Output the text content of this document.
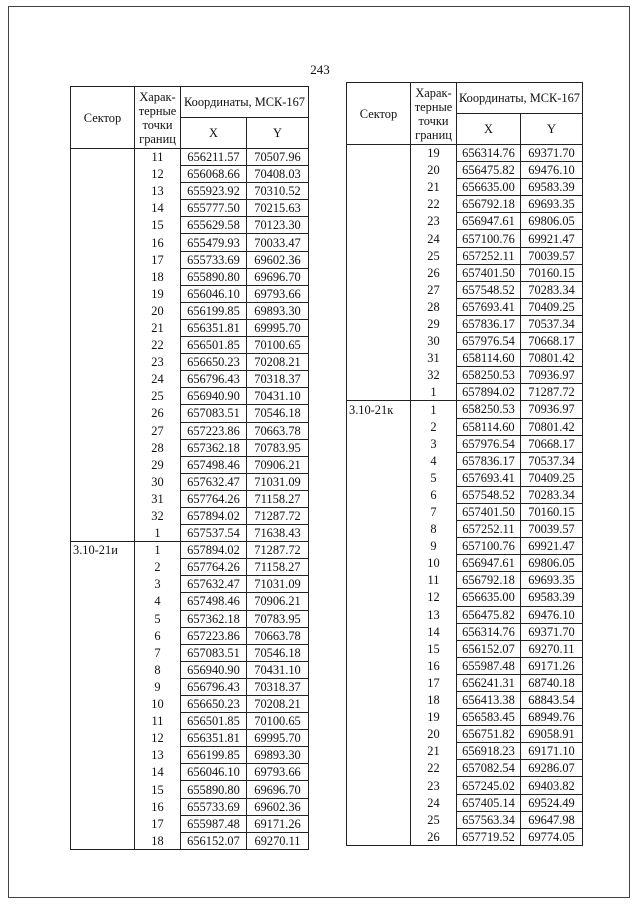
243
Сектор	Харак-терные точки границ	Координаты, МСК-167	
		X	Y
	11	656211.57	70507.96
	12	656068.66	70408.03
	13	655923.92	70310.52
	14	655777.50	70215.63
	15	655629.58	70123.30
	16	655479.93	70033.47
	17	655733.69	69602.36
	18	655890.80	69696.70
	19	656046.10	69793.66
	20	656199.85	69893.30
	21	656351.81	69995.70
	22	656501.85	70100.65
	23	656650.23	70208.21
	24	656796.43	70318.37
	25	656940.90	70431.10
	26	657083.51	70546.18
	27	657223.86	70663.78
	28	657362.18	70783.95
	29	657498.46	70906.21
	30	657632.47	71031.09
	31	657764.26	71158.27
	32	657894.02	71287.72
	1	657537.54	71638.43
3.10-21и	1	657894.02	71287.72
	2	657764.26	71158.27
	3	657632.47	71031.09
	4	657498.46	70906.21
	5	657362.18	70783.95
	6	657223.86	70663.78
	7	657083.51	70546.18
	8	656940.90	70431.10
	9	656796.43	70318.37
	10	656650.23	70208.21
	11	656501.85	70100.65
	12	656351.81	69995.70
	13	656199.85	69893.30
	14	656046.10	69793.66
	15	655890.80	69696.70
	16	655733.69	69602.36
	17	655987.48	69171.26
	18	656152.07	69270.11
Сектор	Харак-терные точки границ	Координаты, МСК-167	
		X	Y
	19	656314.76	69371.70
	20	656475.82	69476.10
	21	656635.00	69583.39
	22	656792.18	69693.35
	23	656947.61	69806.05
	24	657100.76	69921.47
	25	657252.11	70039.57
	26	657401.50	70160.15
	27	657548.52	70283.34
	28	657693.41	70409.25
	29	657836.17	70537.34
	30	657976.54	70668.17
	31	658114.60	70801.42
	32	658250.53	70936.97
	1	657894.02	71287.72
3.10-21к	1	658250.53	70936.97
	2	658114.60	70801.42
	3	657976.54	70668.17
	4	657836.17	70537.34
	5	657693.41	70409.25
	6	657548.52	70283.34
	7	657401.50	70160.15
	8	657252.11	70039.57
	9	657100.76	69921.47
	10	656947.61	69806.05
	11	656792.18	69693.35
	12	656635.00	69583.39
	13	656475.82	69476.10
	14	656314.76	69371.70
	15	656152.07	69270.11
	16	655987.48	69171.26
	17	656241.31	68740.18
	18	656413.38	68843.54
	19	656583.45	68949.76
	20	656751.82	69058.91
	21	656918.23	69171.10
	22	657082.54	69286.07
	23	657245.02	69403.82
	24	657405.14	69524.49
	25	657563.34	69647.98
	26	657719.52	69774.05
